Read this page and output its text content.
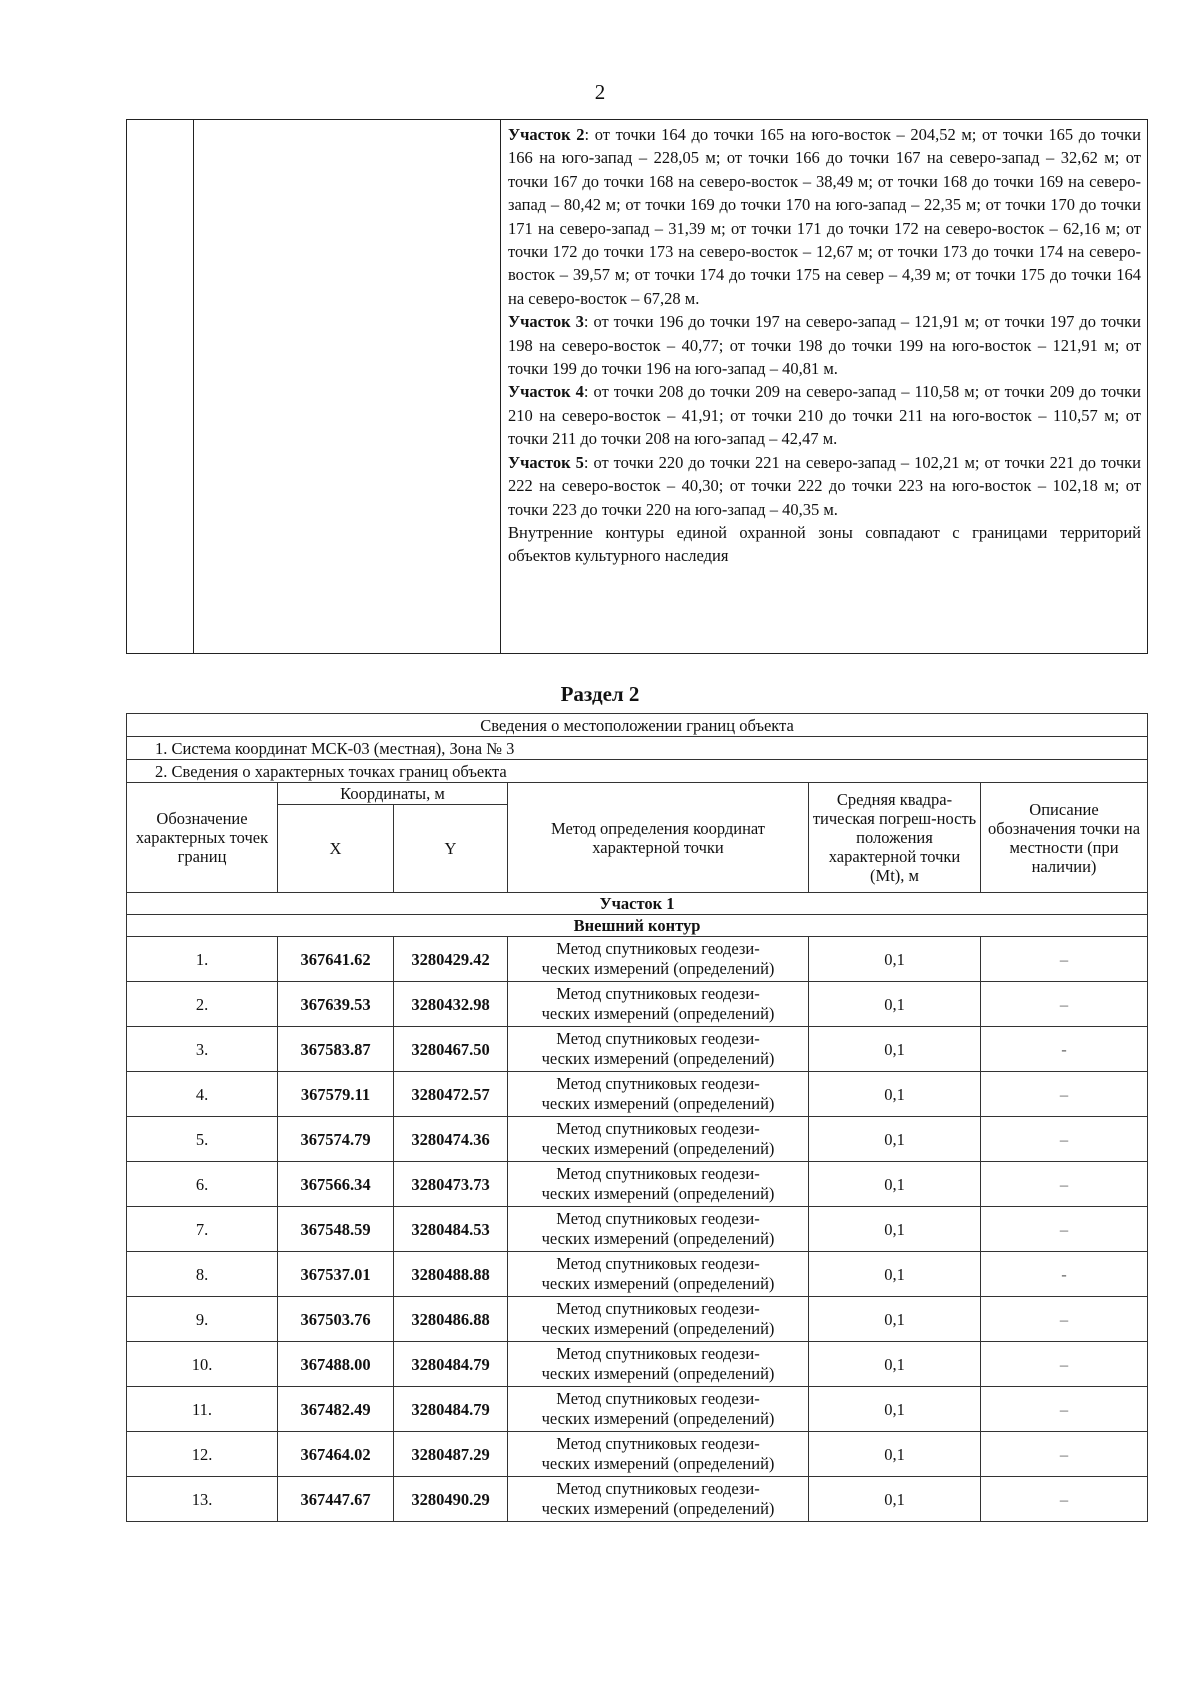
2

Участок 2: от точки 164 до точки 165 на юго-восток – 204,52 м; от точки 165 до точки 166 на юго-запад – 228,05 м; от точки 166 до точки 167 на северо-запад – 32,62 м; от точки 167 до точки 168 на северо-восток – 38,49 м; от точки 168 до точки 169 на северо-запад – 80,42 м; от точки 169 до точки 170 на юго-запад – 22,35 м; от точки 170 до точки 171 на северо-запад – 31,39 м; от точки 171 до точки 172 на северо-восток – 62,16 м; от точки 172 до точки 173 на северо-восток – 12,67 м; от точки 173 до точки 174 на северо-восток – 39,57 м; от точки 174 до точки 175 на север – 4,39 м; от точки 175 до точки 164 на северо-восток – 67,28 м.

Участок 3: от точки 196 до точки 197 на северо-запад – 121,91 м; от точки 197 до точки 198 на северо-восток – 40,77; от точки 198 до точки 199 на юго-восток – 121,91 м; от точки 199 до точки 196 на юго-запад – 40,81 м.

Участок 4: от точки 208 до точки 209 на северо-запад – 110,58 м; от точки 209 до точки 210 на северо-восток – 41,91; от точки 210 до точки 211 на юго-восток – 110,57 м; от точки 211 до точки 208 на юго-запад – 42,47 м.

Участок 5: от точки 220 до точки 221 на северо-запад – 102,21 м; от точки 221 до точки 222 на северо-восток – 40,30; от точки 222 до точки 223 на юго-восток – 102,18 м; от точки 223 до точки 220 на юго-запад – 40,35 м.

Внутренние контуры единой охранной зоны совпадают с границами территорий объектов культурного наследия

Раздел 2
Сведения о местоположении границ объекта					
1. Система координат МСК-03 (местная), Зона № 3					
2. Сведения о характерных точках границ объекта					
Обозначение характерных точек границ	Координаты, м		Метод определения координат характерной точки	Средняя квадра-тическая погреш-ность положения характерной точки (Mt), м	Описание обозначения точки на местности (при наличии)
	X	Y			
Участок 1					
Внешний контур					
1.	367641.62	3280429.42	Метод спутниковых геодези-
ческих измерений (определений)	0,1	–
2.	367639.53	3280432.98	Метод спутниковых геодези-
ческих измерений (определений)	0,1	–
3.	367583.87	3280467.50	Метод спутниковых геодези-
ческих измерений (определений)	0,1	-
4.	367579.11	3280472.57	Метод спутниковых геодези-
ческих измерений (определений)	0,1	–
5.	367574.79	3280474.36	Метод спутниковых геодези-
ческих измерений (определений)	0,1	–
6.	367566.34	3280473.73	Метод спутниковых геодези-
ческих измерений (определений)	0,1	–
7.	367548.59	3280484.53	Метод спутниковых геодези-
ческих измерений (определений)	0,1	–
8.	367537.01	3280488.88	Метод спутниковых геодези-
ческих измерений (определений)	0,1	-
9.	367503.76	3280486.88	Метод спутниковых геодези-
ческих измерений (определений)	0,1	–
10.	367488.00	3280484.79	Метод спутниковых геодези-
ческих измерений (определений)	0,1	–
11.	367482.49	3280484.79	Метод спутниковых геодези-
ческих измерений (определений)	0,1	–
12.	367464.02	3280487.29	Метод спутниковых геодези-
ческих измерений (определений)	0,1	–
13.	367447.67	3280490.29	Метод спутниковых геодези-
ческих измерений (определений)	0,1	–
